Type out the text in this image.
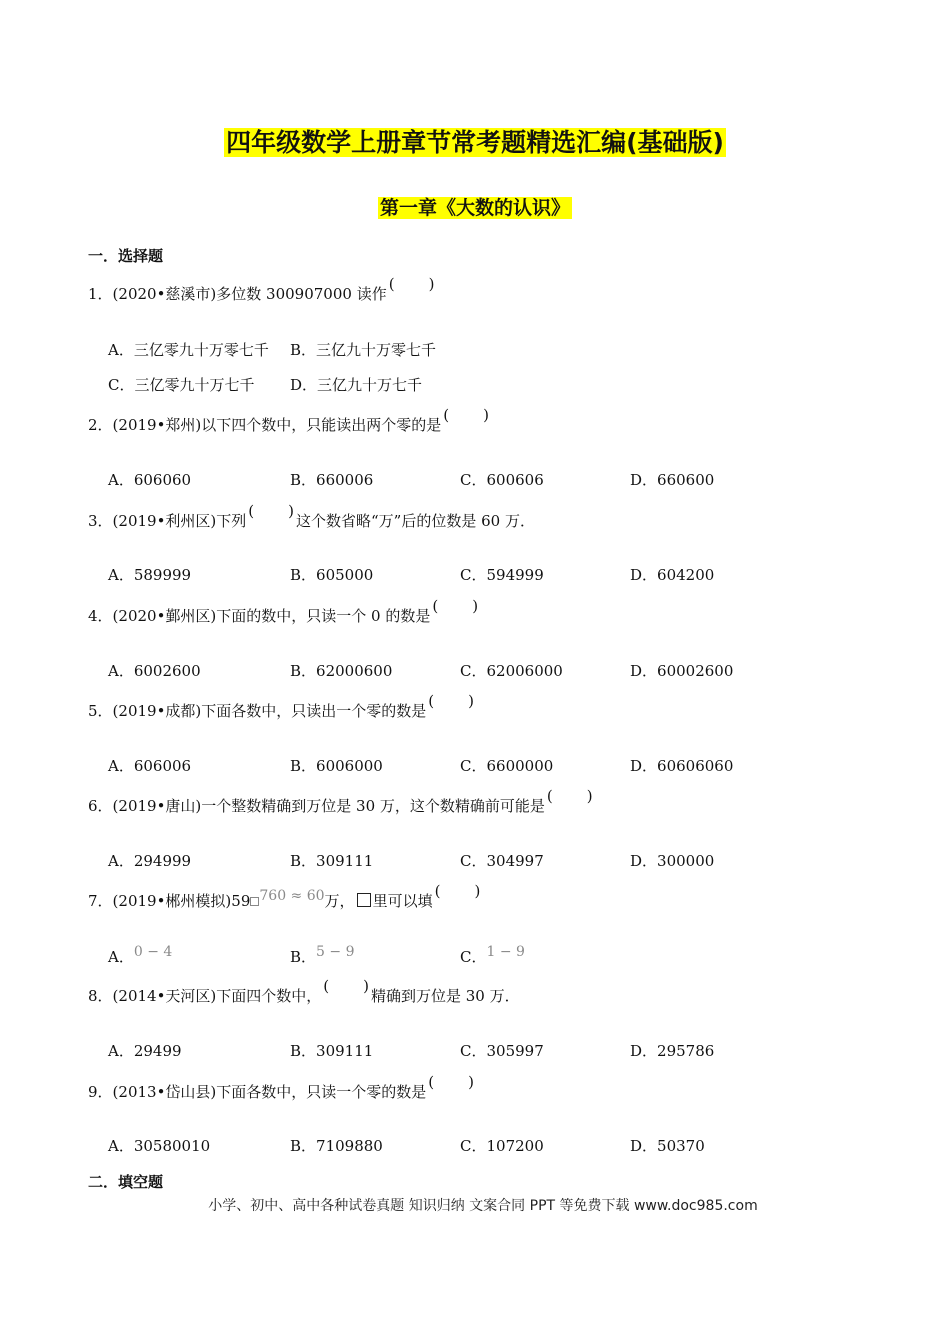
四年级数学上册章节常考题精选汇编(基础版)
第一章《大数的认识》
一．选择题
1．(2020•慈溪市)多位数 300907000 读作( )
A．三亿零九十万零七千 B．三亿九十万零七千
C．三亿零九十万七千 D．三亿九十万七千
2．(2019•郑州)以下四个数中，只能读出两个零的是( )
A．606060	B．660006	C．600606	D．660600
3．(2019•利州区)下列( )这个数省略“万”后的位数是 60 万．
A．589999	B．605000	C．594999	D．604200
4．(2020•鄞州区)下面的数中，只读一个 0 的数是( )
A．6002600	B．62000600	C．62006000	D．60002600
5．(2019•成都)下面各数中，只读出一个零的数是( )
A．606006	B．6006000	C．6600000	D．60606060
6．(2019•唐山)一个整数精确到万位是 30 万，这个数精确前可能是( )
A．294999	B．309111	C．304997	D．300000
7．(2019•郴州模拟)59 760 ≈ 60万， 里可以填( )
A．0 − 4	B．5 − 9	C．1 − 9
8．(2014•天河区)下面四个数中，( )精确到万位是 30 万．
A．29499	B．309111	C．305997	D．295786
9．(2013•岱山县)下面各数中，只读一个零的数是( )
A．30580010	B．7109880	C．107200	D．50370
二．填空题
小学、初中、高中各种试卷真题 知识归纳 文案合同 PPT 等免费下载 www.doc985.com
